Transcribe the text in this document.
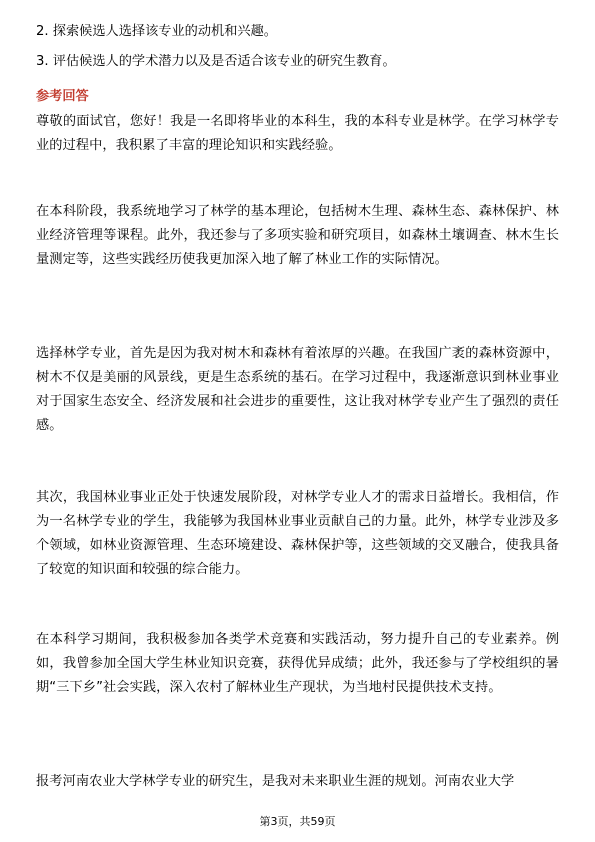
2. 探索候选人选择该专业的动机和兴趣。
3. 评估候选人的学术潜力以及是否适合该专业的研究生教育。
参考回答

尊敬的面试官，您好！我是一名即将毕业的本科生，我的本科专业是林学。在学习林学专业的过程中，我积累了丰富的理论知识和实践经验。

在本科阶段，我系统地学习了林学的基本理论，包括树木生理、森林生态、森林保护、林业经济管理等课程。此外，我还参与了多项实验和研究项目，如森林土壤调查、林木生长量测定等，这些实践经历使我更加深入地了解了林业工作的实际情况。

选择林学专业，首先是因为我对树木和森林有着浓厚的兴趣。在我国广袤的森林资源中，树木不仅是美丽的风景线，更是生态系统的基石。在学习过程中，我逐渐意识到林业事业对于国家生态安全、经济发展和社会进步的重要性，这让我对林学专业产生了强烈的责任感。

其次，我国林业事业正处于快速发展阶段，对林学专业人才的需求日益增长。我相信，作为一名林学专业的学生，我能够为我国林业事业贡献自己的力量。此外，林学专业涉及多个领域，如林业资源管理、生态环境建设、森林保护等，这些领域的交叉融合，使我具备了较宽的知识面和较强的综合能力。

在本科学习期间，我积极参加各类学术竞赛和实践活动，努力提升自己的专业素养。例如，我曾参加全国大学生林业知识竞赛，获得优异成绩；此外，我还参与了学校组织的暑期“三下乡”社会实践，深入农村了解林业生产现状，为当地村民提供技术支持。

报考河南农业大学林学专业的研究生，是我对未来职业生涯的规划。河南农业大学

第3页，共59页
